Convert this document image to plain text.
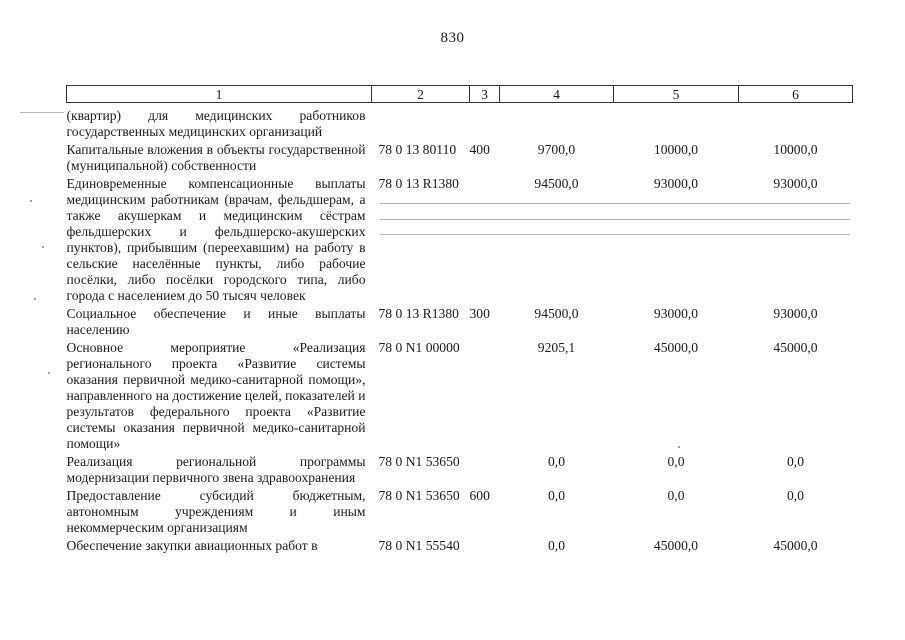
830
1	2	3	4	5	6
(квартир) для медицинских работников государственных медицинских организаций					
Капитальные вложения в объекты государственной (муниципальной) собственности	78 0 13 80110	400	9700,0	10000,0	10000,0
Единовременные компенсационные выплаты медицинским работникам (врачам, фельдшерам, а также акушеркам и медицинским сёстрам фельдшерских и фельдшерско-акушерских пунктов), прибывшим (переехавшим) на работу в сельские населённые пункты, либо рабочие посёлки, либо посёлки городского типа, либо города с населением до 50 тысяч человек	78 0 13 R1380		94500,0	93000,0	93000,0
Социальное обеспечение и иные выплаты населению	78 0 13 R1380	300	94500,0	93000,0	93000,0
Основное мероприятие «Реализация регионального проекта «Развитие системы оказания первичной медико-санитарной помощи», направленного на достижение целей, показателей и результатов федерального проекта «Развитие системы оказания первичной медико-санитарной помощи»	78 0 N1 00000		9205,1	45000,0	45000,0
Реализация региональной программы модернизации первичного звена здравоохранения	78 0 N1 53650		0,0	0,0	0,0
Предоставление субсидий бюджетным, автономным учреждениям и иным некоммерческим организациям	78 0 N1 53650	600	0,0	0,0	0,0
Обеспечение закупки авиационных работ в	78 0 N1 55540		0,0	45000,0	45000,0
